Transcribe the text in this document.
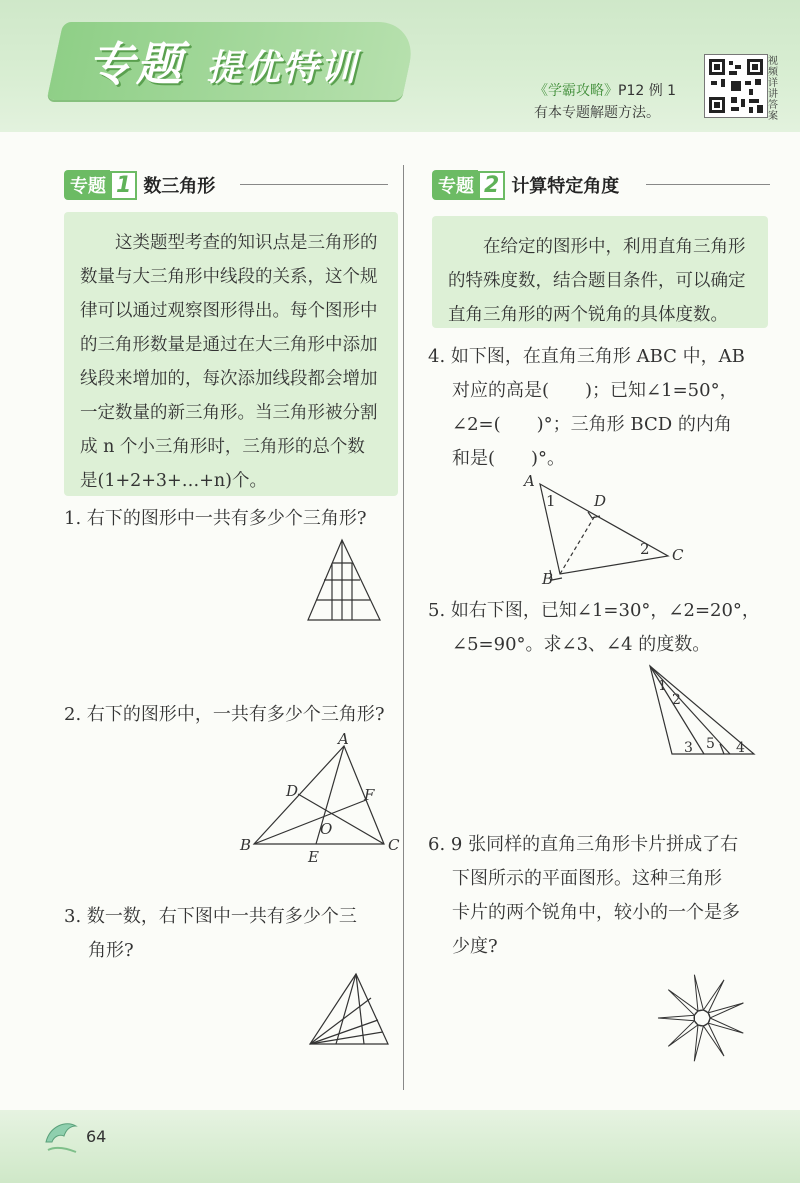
专题 提优特训
《学霸攻略》P12 例 1
有本专题解题方法。
视频详讲答案
专题 1 数三角形
这类题型考查的知识点是三角形的数量与大三角形中线段的关系，这个规律可以通过观察图形得出。每个图形中的三角形数量是通过在大三角形中添加线段来增加的，每次添加线段都会增加一定数量的新三角形。当三角形被分割成 n 个小三角形时，三角形的总个数是(1+2+3+…+n)个。
1. 右下的图形中一共有多少个三角形?
2. 右下的图形中，一共有多少个三角形?
A
B	C
D
E
F
O
3. 数一数，右下图中一共有多少个三
角形?
专题 2 计算特定角度
在给定的图形中，利用直角三角形的特殊度数，结合题目条件，可以确定直角三角形的两个锐角的具体度数。
4. 如下图，在直角三角形 ABC 中，AB
对应的高是(　　)；已知∠1=50°，
∠2=(　　)°；三角形 BCD 的内角
和是(　　)°。
A
B
C
D
1
2
5. 如右下图，已知∠1=30°，∠2=20°，
∠5=90°。求∠3、∠4 的度数。
1
2
3	4
5
6. 9 张同样的直角三角形卡片拼成了右
下图所示的平面图形。这种三角形
卡片的两个锐角中，较小的一个是多
少度?
64
